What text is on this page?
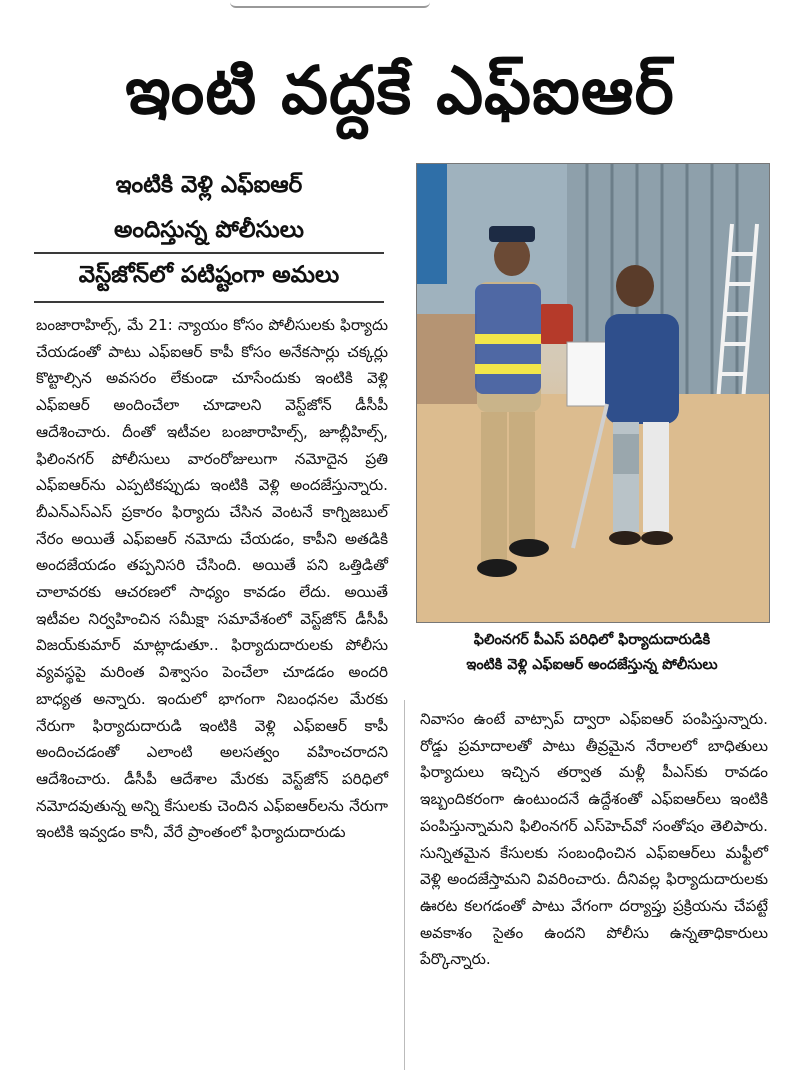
ఇంటి వద్దకే ఎఫ్‌ఐఆర్
ఇంటికి వెళ్లి ఎఫ్‌ఐఆర్
అందిస్తున్న పోలీసులు
వెస్ట్‌జోన్‌లో పటిష్టంగా అమలు

బంజారాహిల్స్‌, మే 21: న్యాయం కోసం పోలీసులకు ఫిర్యాదు చేయడంతో పాటు ఎఫ్‌ఐఆర్‌ కాపీ కోసం అనేకసార్లు చక్కర్లు కొట్టాల్సిన అవసరం లేకుండా చూసేందుకు ఇంటికి వెళ్లి ఎఫ్‌ఐఆర్‌ అందించేలా చూడాలని వెస్ట్‌జోన్‌ డీసీపీ ఆదేశించారు. దీంతో ఇటీవల బంజారాహిల్స్‌, జూబ్లీహిల్స్‌, ఫిలింనగర్‌ పోలీసులు వారంరోజులుగా నమోదైన ప్రతి ఎఫ్‌ఐఆర్‌ను ఎప్పటికప్పుడు ఇంటికి వెళ్లి అందజేస్తున్నారు. బీఎన్‌ఎస్‌ఎస్‌ ప్రకారం ఫిర్యాదు చేసిన వెంటనే కాగ్నిజబుల్‌ నేరం అయితే ఎఫ్‌ఐఆర్‌ నమోదు చేయడం, కాపీని అతడికి అందజేయడం తప్పనిసరి చేసింది. అయితే పని ఒత్తిడితో చాలావరకు ఆచరణలో సాధ్యం కావడం లేదు. అయితే ఇటీవల నిర్వహించిన సమీక్షా సమావేశంలో వెస్ట్‌జోన్‌ డీసీపీ విజయ్‌కుమార్‌ మాట్లాడుతూ.. ఫిర్యాదుదారులకు పోలీసు వ్యవస్థపై మరింత విశ్వాసం పెంచేలా చూడడం అందరి బాధ్యత అన్నారు. ఇందులో భాగంగా నిబంధనల మేరకు నేరుగా ఫిర్యాదుదారుడి ఇంటికి వెళ్లి ఎఫ్‌ఐఆర్‌ కాపీ అందించడంతో ఎలాంటి అలసత్వం వహించరాదని ఆదేశించారు. డీసీపీ ఆదేశాల మేరకు వెస్ట్‌జోన్‌ పరిధిలో నమోదవుతున్న అన్ని కేసులకు చెందిన ఎఫ్‌ఐఆర్‌లను నేరుగా ఇంటికి ఇవ్వడం కానీ, వేరే ప్రాంతంలో ఫిర్యాదుదారుడు

ఫిలింనగర్‌ పీఎస్‌ పరిధిలో ఫిర్యాదుదారుడికి
ఇంటికి వెళ్లి ఎఫ్‌ఐఆర్‌ అందజేస్తున్న పోలీసులు

నివాసం ఉంటే వాట్సాప్‌ ద్వారా ఎఫ్‌ఐఆర్‌ పంపిస్తున్నారు. రోడ్డు ప్రమాదాలతో పాటు తీవ్రమైన నేరాలలో బాధితులు ఫిర్యాదులు ఇచ్చిన తర్వాత మళ్లీ పీఎస్‌కు రావడం ఇబ్బందికరంగా ఉంటుందనే ఉద్దేశంతో ఎఫ్‌ఐఆర్‌లు ఇంటికి పంపిస్తున్నామని ఫిలింనగర్‌ ఎస్‌హెచ్‌వో సంతోషం తెలిపారు. సున్నితమైన కేసులకు సంబంధించిన ఎఫ్‌ఐఆర్‌లు మఫ్టీలో వెళ్లి అందజేస్తామని వివరించారు. దీనివల్ల ఫిర్యాదుదారులకు ఊరట కలగడంతో పాటు వేగంగా దర్యాప్తు ప్రక్రియను చేపట్టే అవకాశం సైతం ఉందని పోలీసు ఉన్నతాధికారులు పేర్కొన్నారు.
